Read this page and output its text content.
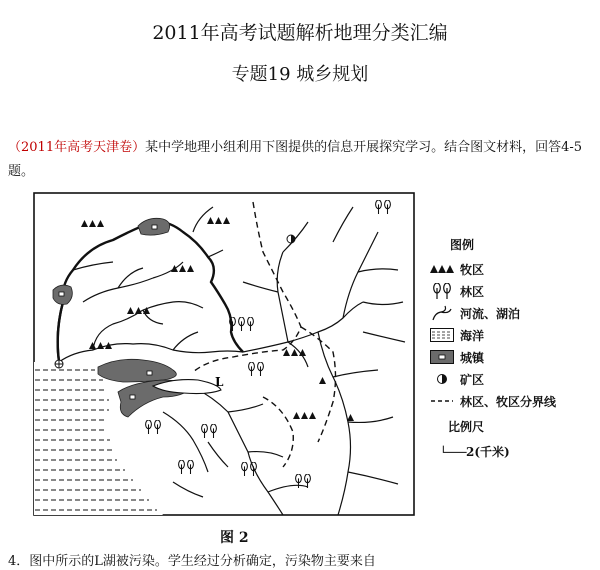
2011年高考试题解析地理分类汇编
专题19 城乡规划
（2011年高考天津卷）某中学地理小组利用下图提供的信息开展探究学习。结合图文材料，回答4-5题。
L
图例
牧区
林区
河流、湖泊
海洋
城镇
矿区
林区、牧区分界线
比例尺
2(千米)
图 2
4．图中所示的L湖被污染。学生经过分析确定，污染物主要来自
